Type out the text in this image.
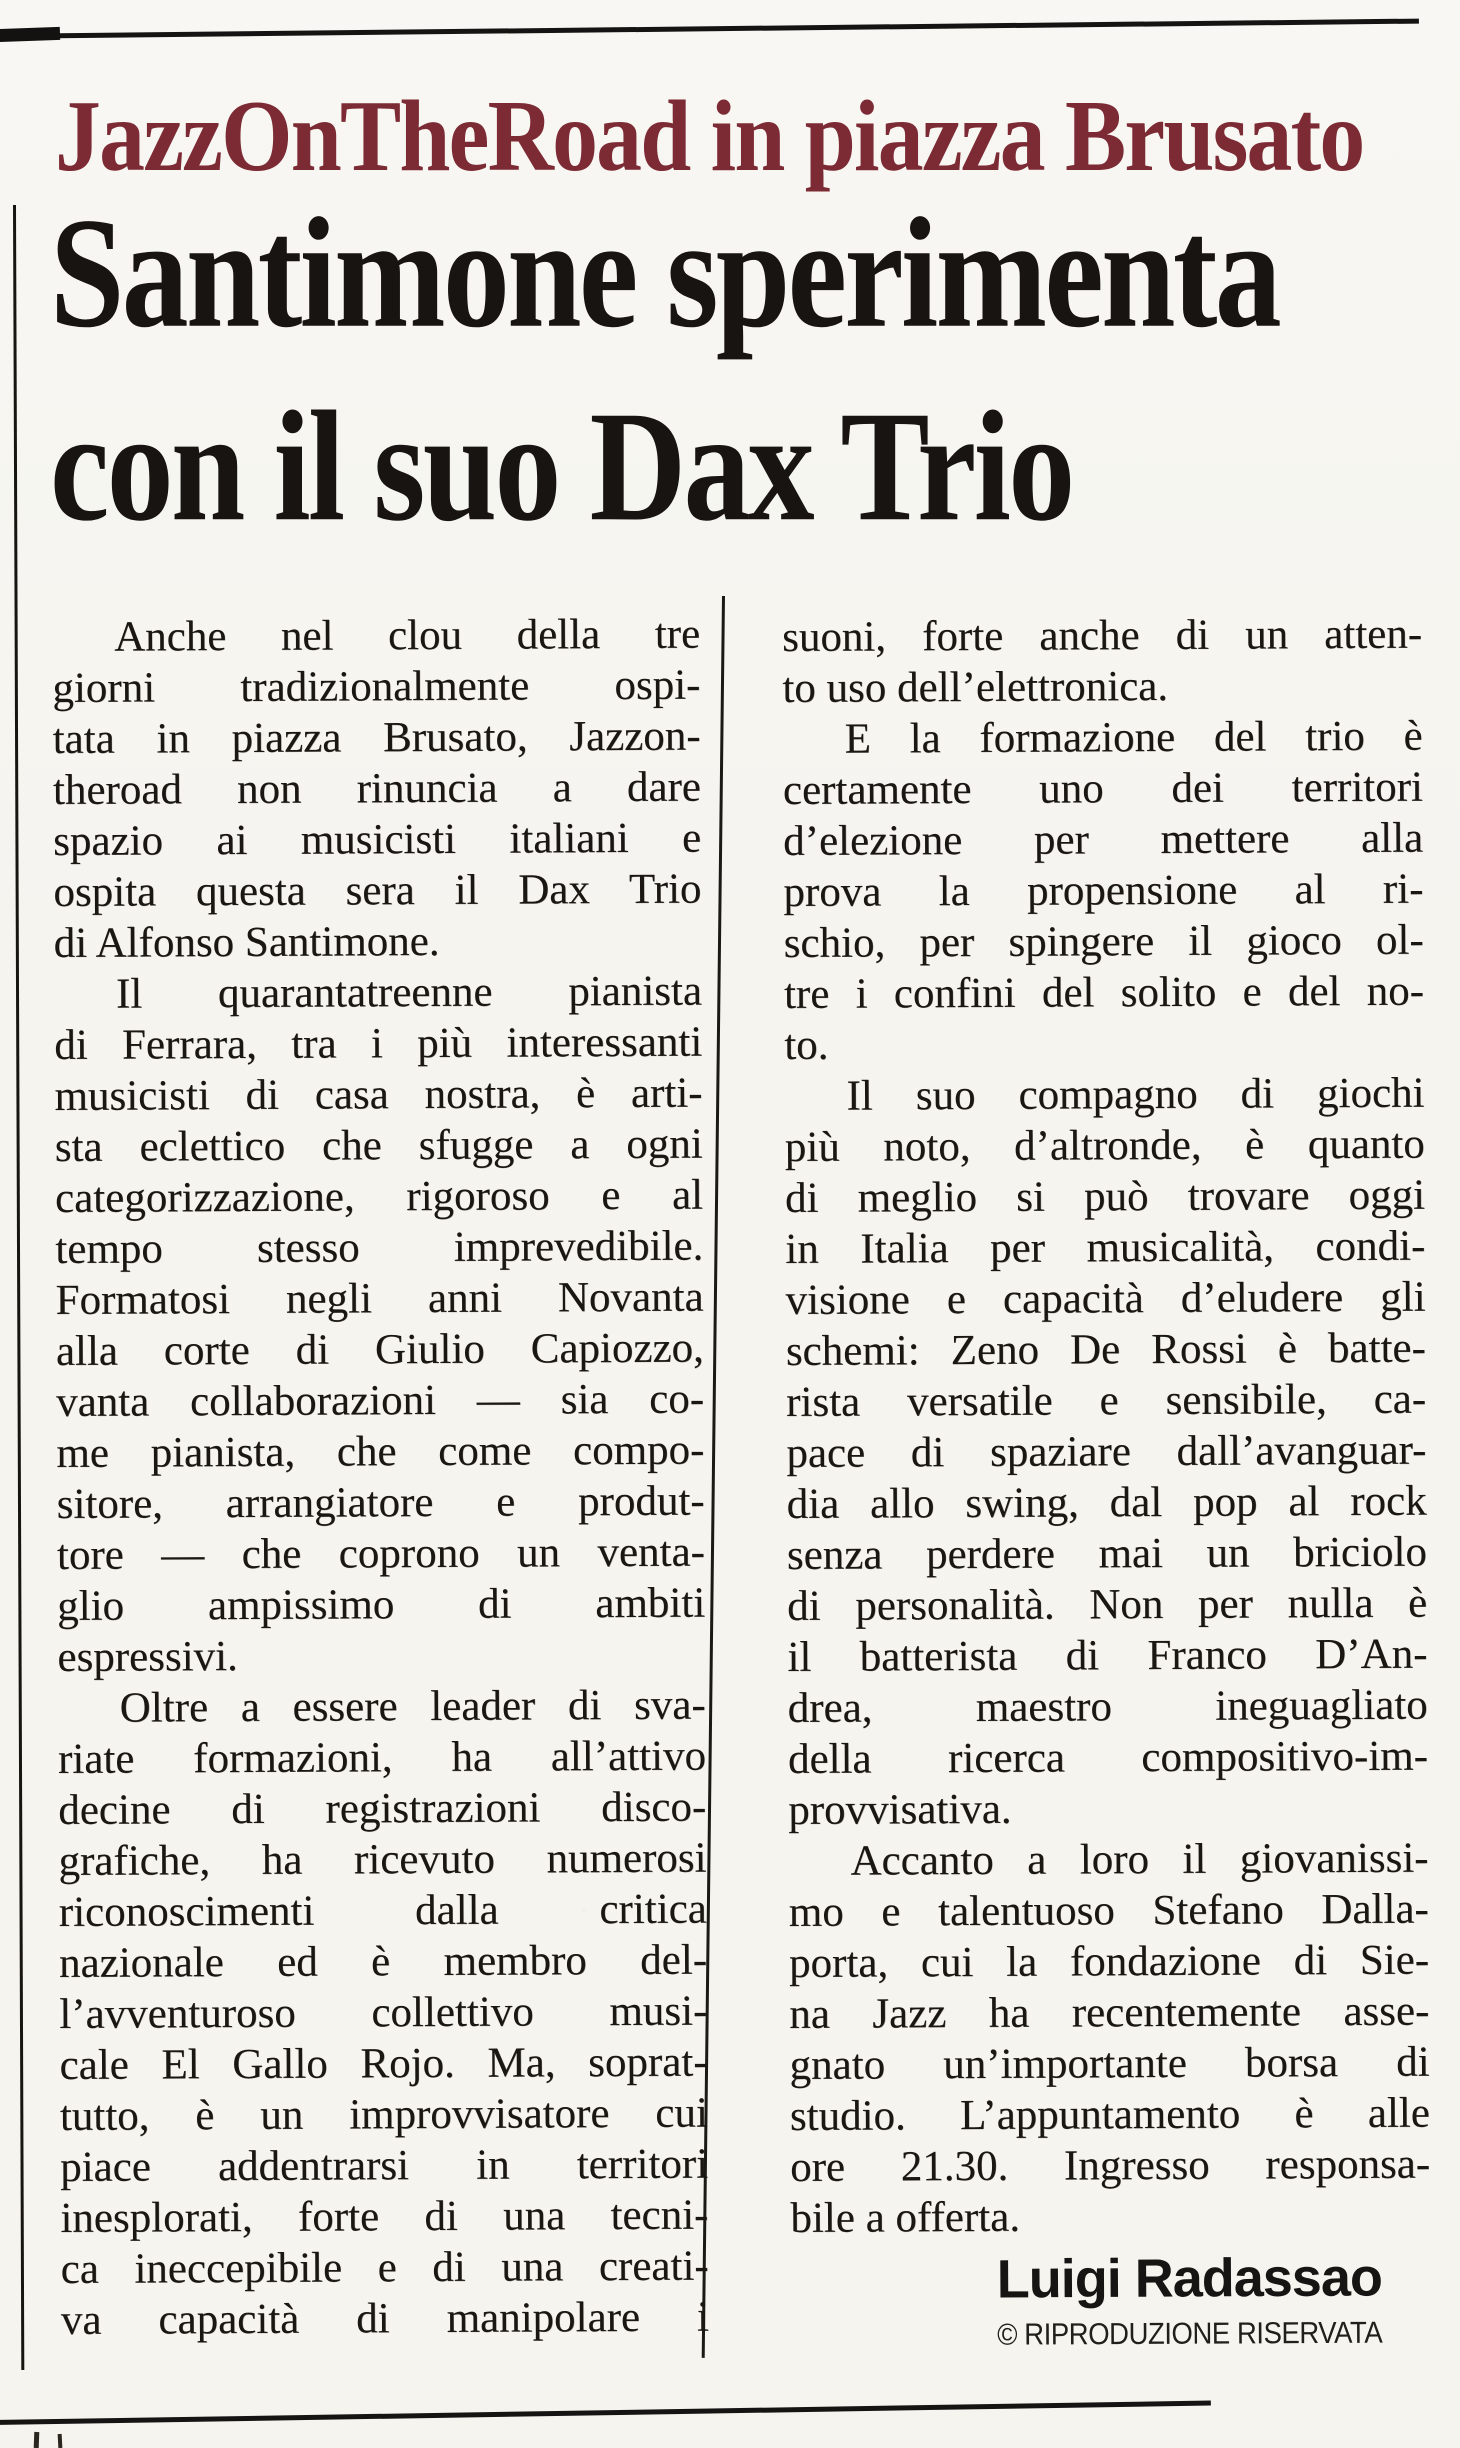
JazzOnTheRoad in piazza Brusato
Santimone sperimenta
con il suo Dax Trio
Anche nel clou della tre
giorni tradizionalmente ospi-
tata in piazza Brusato, Jazzon-
theroad non rinuncia a dare
spazio ai musicisti italiani e
ospita questa sera il Dax Trio
di Alfonso Santimone.
Il quarantatreenne pianista
di Ferrara, tra i più interessanti
musicisti di casa nostra, è arti-
sta eclettico che sfugge a ogni
categorizzazione, rigoroso e al
tempo stesso imprevedibile.
Formatosi negli anni Novanta
alla corte di Giulio Capiozzo,
vanta collaborazioni — sia co-
me pianista, che come compo-
sitore, arrangiatore e produt-
tore — che coprono un venta-
glio ampissimo di ambiti
espressivi.
Oltre a essere leader di sva-
riate formazioni, ha all’attivo
decine di registrazioni disco-
grafiche, ha ricevuto numerosi
riconoscimenti dalla critica
nazionale ed è membro del-
l’avventuroso collettivo musi-
cale El Gallo Rojo. Ma, soprat-
tutto, è un improvvisatore cui
piace addentrarsi in territori
inesplorati, forte di una tecni-
ca ineccepibile e di una creati-
va capacità di manipolare i
suoni, forte anche di un atten-
to uso dell’elettronica.
E la formazione del trio è
certamente uno dei territori
d’elezione per mettere alla
prova la propensione al ri-
schio, per spingere il gioco ol-
tre i confini del solito e del no-
to.
Il suo compagno di giochi
più noto, d’altronde, è quanto
di meglio si può trovare oggi
in Italia per musicalità, condi-
visione e capacità d’eludere gli
schemi: Zeno De Rossi è batte-
rista versatile e sensibile, ca-
pace di spaziare dall’avanguar-
dia allo swing, dal pop al rock
senza perdere mai un briciolo
di personalità. Non per nulla è
il batterista di Franco D’An-
drea, maestro ineguagliato
della ricerca compositivo-im-
provvisativa.
Accanto a loro il giovanissi-
mo e talentuoso Stefano Dalla-
porta, cui la fondazione di Sie-
na Jazz ha recentemente asse-
gnato un’importante borsa di
studio. L’appuntamento è alle
ore 21.30. Ingresso responsa-
bile a offerta.
Luigi Radassao
© RIPRODUZIONE RISERVATA
